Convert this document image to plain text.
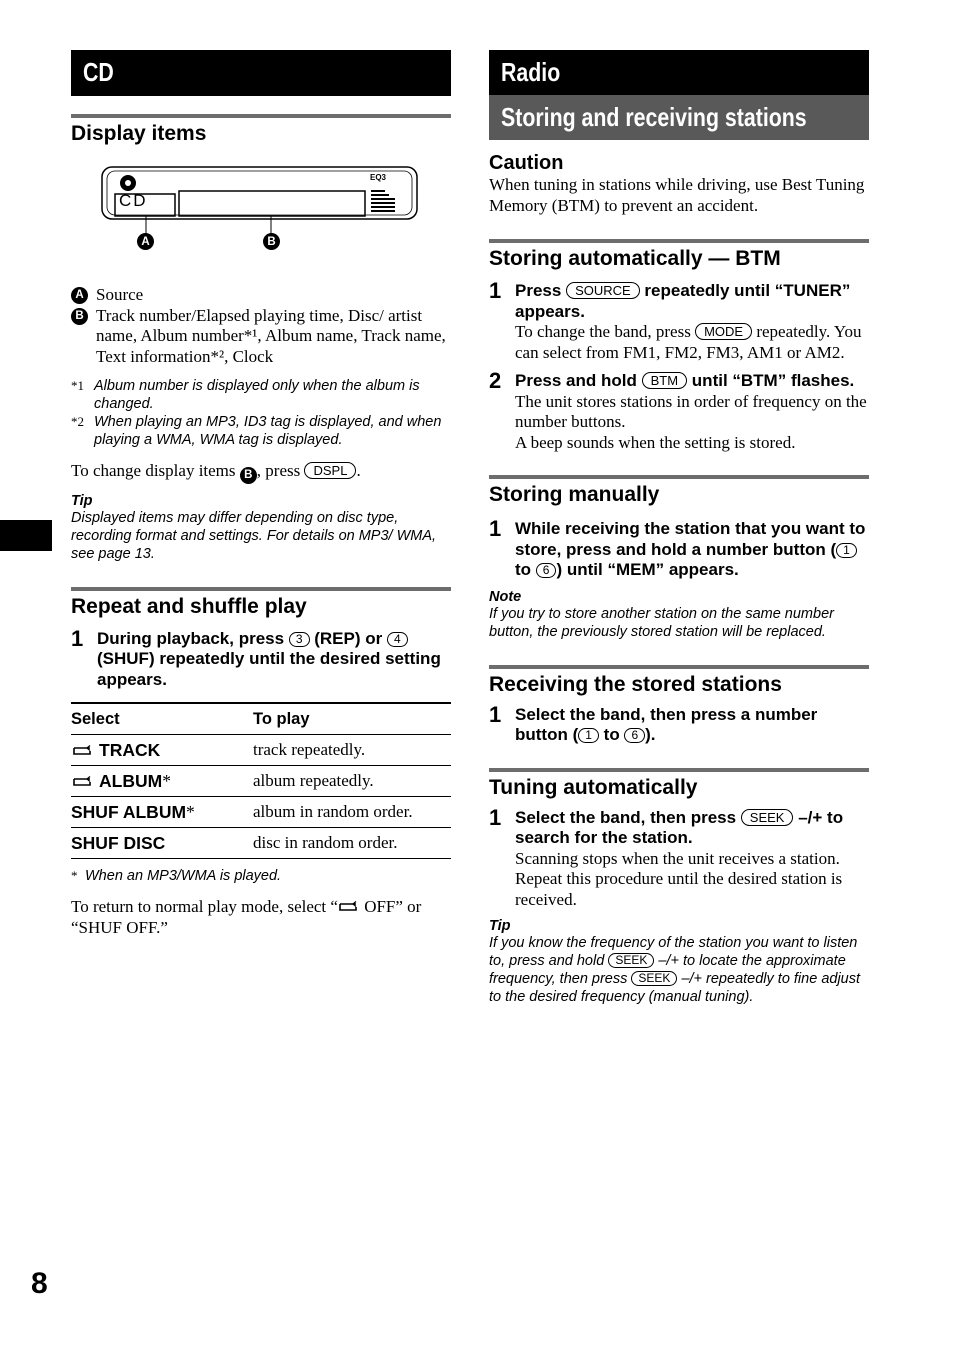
CD
Display items
CD
EQ3
A	B
A Source
B Track number/Elapsed playing time, Disc/ artist name, Album number*¹, Album name, Track name, Text information*², Clock
*1 Album number is displayed only when the album is changed.
*2 When playing an MP3, ID3 tag is displayed, and when playing a WMA, WMA tag is displayed.
To change display items B , press DSPL .
Tip
Displayed items may differ depending on disc type, recording format and settings. For details on MP3/ WMA, see page 13.
Repeat and shuffle play
1 During playback, press 3 (REP) or 4 (SHUF) repeatedly until the desired setting appears.
Select	To play
TRACK	track repeatedly.
ALBUM*	album repeatedly.
SHUF ALBUM*	album in random order.
SHUF DISC	disc in random order.
* When an MP3/WMA is played.
To return to normal play mode, select “ OFF” or “SHUF OFF.”
Radio
Storing and receiving stations
Caution
When tuning in stations while driving, use Best Tuning Memory (BTM) to prevent an accident.
Storing automatically — BTM
1 Press SOURCE repeatedly until “TUNER” appears.
To change the band, press MODE repeatedly. You can select from FM1, FM2, FM3, AM1 or AM2.
2 Press and hold BTM until “BTM” flashes.
The unit stores stations in order of frequency on the number buttons.
A beep sounds when the setting is stored.
Storing manually
1 While receiving the station that you want to store, press and hold a number button ( 1 to 6 ) until “MEM” appears.
Note
If you try to store another station on the same number button, the previously stored station will be replaced.
Receiving the stored stations
1 Select the band, then press a number button ( 1 to 6 ).
Tuning automatically
1 Select the band, then press SEEK –/+ to search for the station.
Scanning stops when the unit receives a station. Repeat this procedure until the desired station is received.
Tip
If you know the frequency of the station you want to listen to, press and hold SEEK –/+ to locate the approximate frequency, then press SEEK –/+ repeatedly to fine adjust to the desired frequency (manual tuning).
8
